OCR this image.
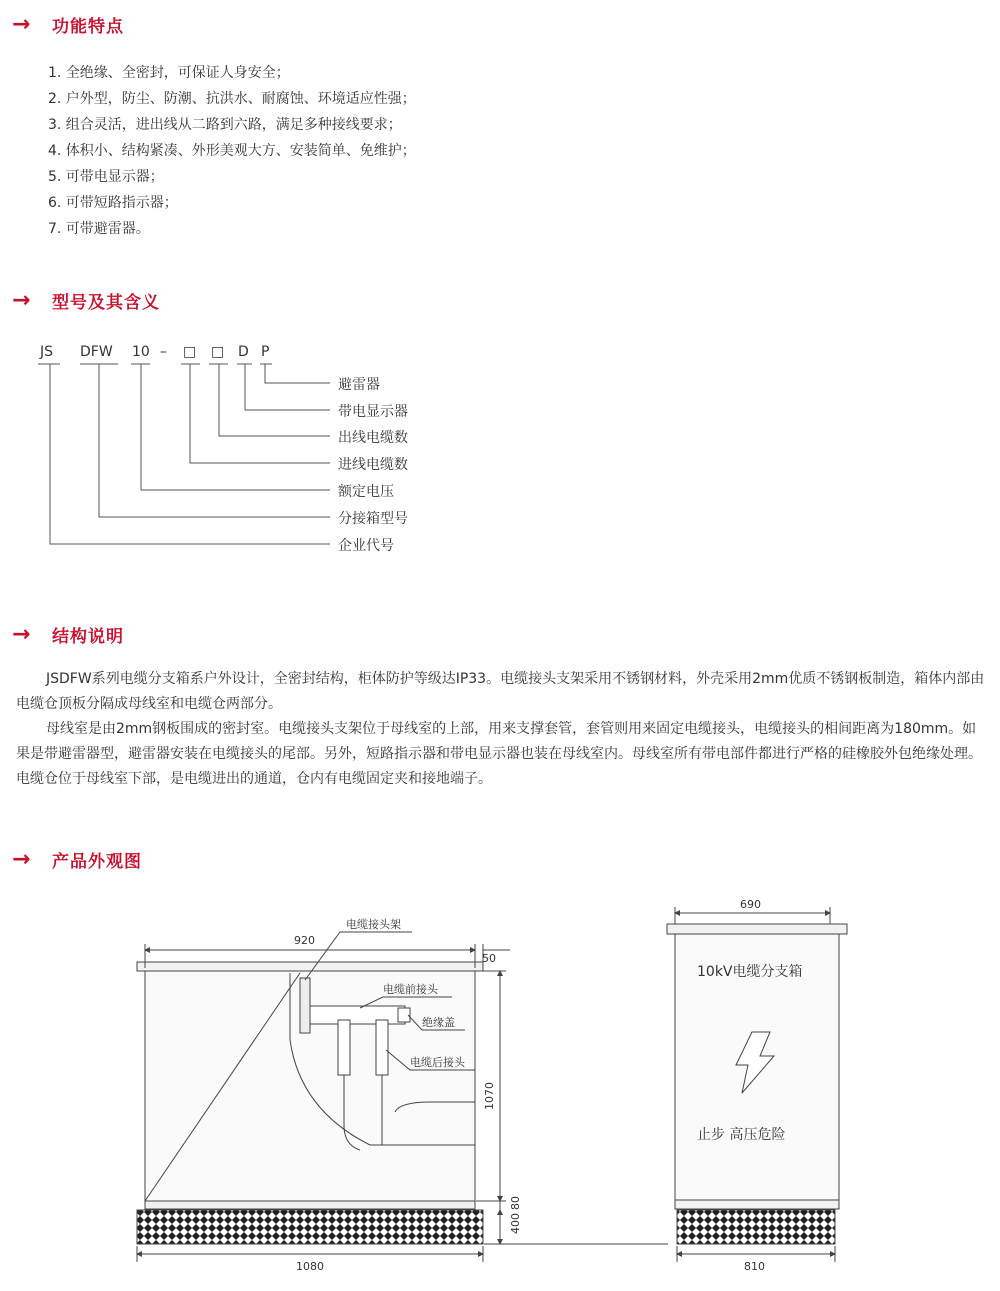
→	功能特点
1. 全绝缘、全密封，可保证人身安全；
2. 户外型，防尘、防潮、抗洪水、耐腐蚀、环境适应性强；
3. 组合灵活，进出线从二路到六路，满足多种接线要求；
4. 体积小、结构紧凑、外形美观大方、安装简单、免维护；
5. 可带电显示器；
6. 可带短路指示器；
7. 可带避雷器。
→	型号及其含义
JS DFW 10 – □ □ D P
避雷器
带电显示器
出线电缆数
进线电缆数
额定电压
分接箱型号
企业代号
→	结构说明

JSDFW系列电缆分支箱系户外设计，全密封结构，柜体防护等级达IP33。电缆接头支架采用不锈钢材料，外壳采用2mm优质不锈钢板制造，箱体内部由电缆仓顶板分隔成母线室和电缆仓两部分。

母线室是由2mm钢板围成的密封室。电缆接头支架位于母线室的上部，用来支撑套管，套管则用来固定电缆接头，电缆接头的相间距离为180mm。如果是带避雷器型，避雷器安装在电缆接头的尾部。另外，短路指示器和带电显示器也装在母线室内。母线室所有带电部件都进行严格的硅橡胶外包绝缘处理。电缆仓位于母线室下部，是电缆进出的通道，仓内有电缆固定夹和接地端子。

→	产品外观图
电缆接头架
电缆前接头
绝缘盖
电缆后接头
920
50
1070
80
400
1080
690
10kV电缆分支箱
止步 高压危险
810
